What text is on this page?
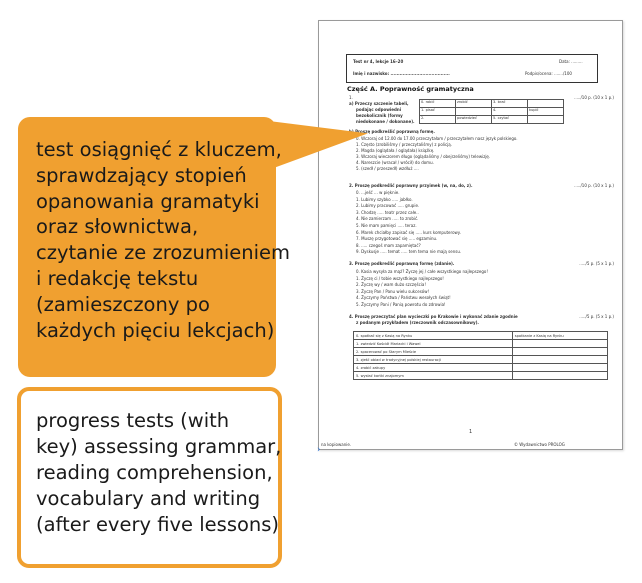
Test nr 4, lekcje 16–20	Data: .........
Imię i nazwisko: .......................................	Podpis/ocena: ......./100
Część A. Poprawność gramatyczna
1.	...../10 p. (10 x 1 p.)
a) Przeczy szczenie tabeli,
podając odpowiedni
bezokolicznik (formy
niedokonane / dokonane).
0. robić	zrobić	3. brać	
1. pisać		4.	kupić
2.	powiedzieć	5. czytać	
b) Proszę podkreślić poprawną formę.
0. Wczoraj od 12.00 do 17.00 przeczytałam / przeczytałem nasz język polskiego.
1. Często (zrobiliśmy / przeczytaliśmy) z policją.
2. Magda (oglądała / oglądała) książkę.
3. Wczoraj wieczorem długo (oglądaliśmy / obejrzeliśmy) telewizję.
4. Nareszcie (wracał / wrócił) do domu.
5. (szedł / przeszedł) wzdłuż ....
2. Proszę podkreślić poprawny przyimek (w, na, do, z).	...../10 p. (10 x 1 p.)
0. ...jeść ... w pięknie.
1. Lubimy szybko ..... jabłko.
2. Lubimy pracować ..... grupie.
3. Chodzę ..... teatr przez całe..
4. Nie zamierzam ..... to zrobić.
5. Nie mam pamięci ..... teraz.
6. Marek chciałby zapisać się ..... kurs komputerowy.
7. Muszę przygotować się ..... egzaminu.
8. ..... czegoś mam zapamiętać?
9. Dyskusje ..... temat ..... tem tema nie mają sensu.
3. Proszę podkreślić poprawną formę (zdanie).	...../5 p. (5 x 1 p.)
0. Kasia wysyła za mąż? Życzę jej / całe wszystkiego najlepszego!
1. Życzę ci / tobie wszystkiego najlepszego!
2. Życzę wy / wam dużo szczęścia!
3. Życzę Pan / Panu wielu sukcesów!
4. Życzymy Państwa / Państwu wesołych świąt!
5. Życzymy Pani / Panią powrotu do zdrowia!
4. Proszę przeczytać plan wycieczki po Krakowie i wykonać zdanie zgodnie	...../5 p. (5 x 1 p.)
z podanym przykładem (rzeczownik odczasownikowy).
0. spotkać się z Kasią na Rynku	spotkanie z Kasią na Rynku
1. zwiedzić Kościół Mariacki i Wawel	
2. spacerować po Starym Mieście	
3. zjeść obiad w tradycyjnej polskiej restauracji	
4. zrobić zakupy	
5. wysłać kartki znajomym	
1
na kopiowanie.	© Wydawnictwo PROLOG
›
test osiągnięć z kluczem,
sprawdzający stopień
opanowania gramatyki
oraz słownictwa,
czytanie ze zrozumieniem
i redakcję tekstu
(zamieszczony po
każdych pięciu lekcjach)
progress tests (with
key) assessing grammar,
reading comprehension,
vocabulary and writing
(after every five lessons)
